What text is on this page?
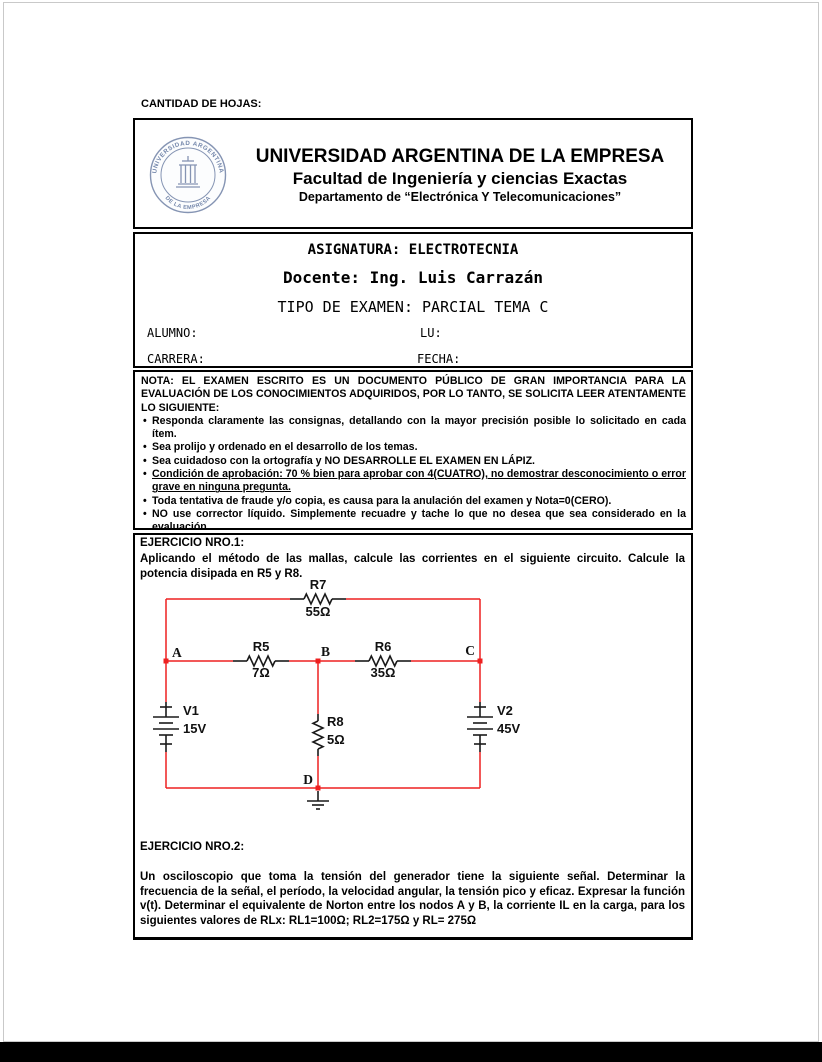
CANTIDAD DE HOJAS:
UNIVERSIDAD ARGENTINA
DE LA EMPRESA
UNIVERSIDAD ARGENTINA DE LA EMPRESA
Facultad de Ingeniería y ciencias Exactas
Departamento de “Electrónica Y Telecomunicaciones”
ASIGNATURA: ELECTROTECNIA
Docente: Ing. Luis Carrazán
TIPO DE EXAMEN: PARCIAL TEMA C
ALUMNO:	LU:
CARRERA:	FECHA:

NOTA: EL EXAMEN ESCRITO ES UN DOCUMENTO PÚBLICO DE GRAN IMPORTANCIA PARA LA EVALUACIÓN DE LOS CONOCIMIENTOS ADQUIRIDOS, POR LO TANTO, SE SOLICITA LEER ATENTAMENTE LO SIGUIENTE:

• Responda claramente las consignas, detallando con la mayor precisión posible lo solicitado en cada ítem.
• Sea prolijo y ordenado en el desarrollo de los temas.
• Sea cuidadoso con la ortografía y NO DESARROLLE EL EXAMEN EN LÁPIZ.
• Condición de aprobación: 70 % bien para aprobar con 4(CUATRO), no demostrar desconocimiento o error grave en ninguna pregunta.
• Toda tentativa de fraude y/o copia, es causa para la anulación del examen y Nota=0(CERO).
• NO use corrector líquido. Simplemente recuadre y tache lo que no desea que sea considerado en la evaluación.
EJERCICIO NRO.1:
Aplicando el método de las mallas, calcule las corrientes en el siguiente circuito. Calcule la potencia disipada en R5 y R8.
R7
55Ω
R5
7Ω
R6
35Ω
R8
5Ω
V1
15V
V2
45V
A	B	C
D
EJERCICIO NRO.2:
Un osciloscopio que toma la tensión del generador tiene la siguiente señal. Determinar la frecuencia de la señal, el período, la velocidad angular, la tensión pico y eficaz. Expresar la función v(t). Determinar el equivalente de Norton entre los nodos A y B, la corriente IL en la carga, para los siguientes valores de RLx: RL1=100Ω; RL2=175Ω y RL= 275Ω
